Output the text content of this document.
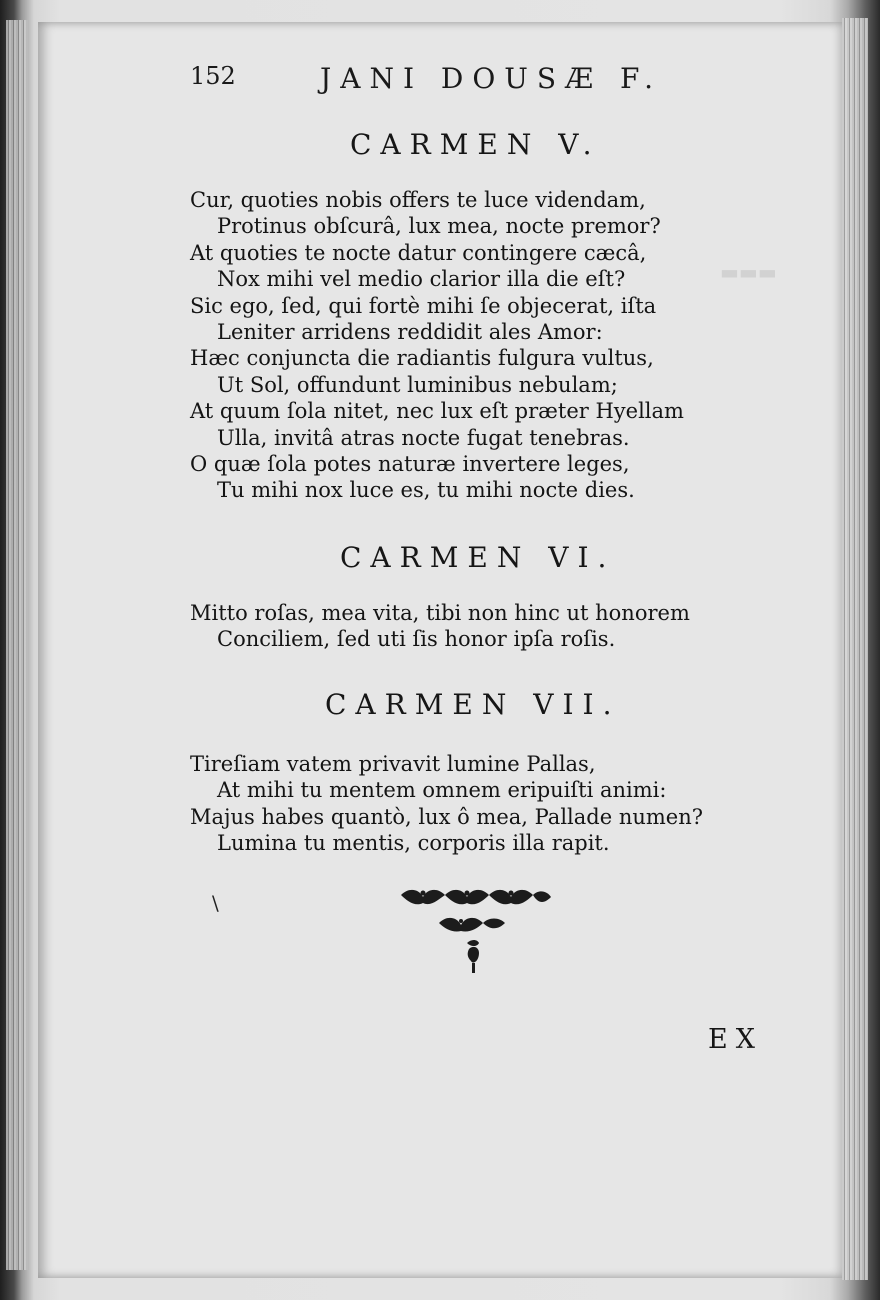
▬▬▬
152	JANI DOUSÆ F.
CARMEN V.
Cur, quoties nobis offers te luce videndam,
Protinus obſcurâ, lux mea, nocte premor?
At quoties te nocte datur contingere cæcâ,
Nox mihi vel medio clarior illa die eſt?
Sic ego, ſed, qui fortè mihi ſe objecerat, iſta
Leniter arridens reddidit ales Amor:
Hæc conjuncta die radiantis fulgura vultus,
Ut Sol, offundunt luminibus nebulam;
At quum ſola nitet, nec lux eſt præter Hyellam
Ulla, invitâ atras nocte fugat tenebras.
O quæ ſola potes naturæ invertere leges,
Tu mihi nox luce es, tu mihi nocte dies.
CARMEN VI.
Mitto roſas, mea vita, tibi non hinc ut honorem
Conciliem, ſed uti ſis honor ipſa roſis.
CARMEN VII.
Tireſiam vatem privavit lumine Pallas,
At mihi tu mentem omnem eripuiſti animi:
Majus habes quantò, lux ô mea, Pallade numen?
Lumina tu mentis, corporis illa rapit.
\
EX
